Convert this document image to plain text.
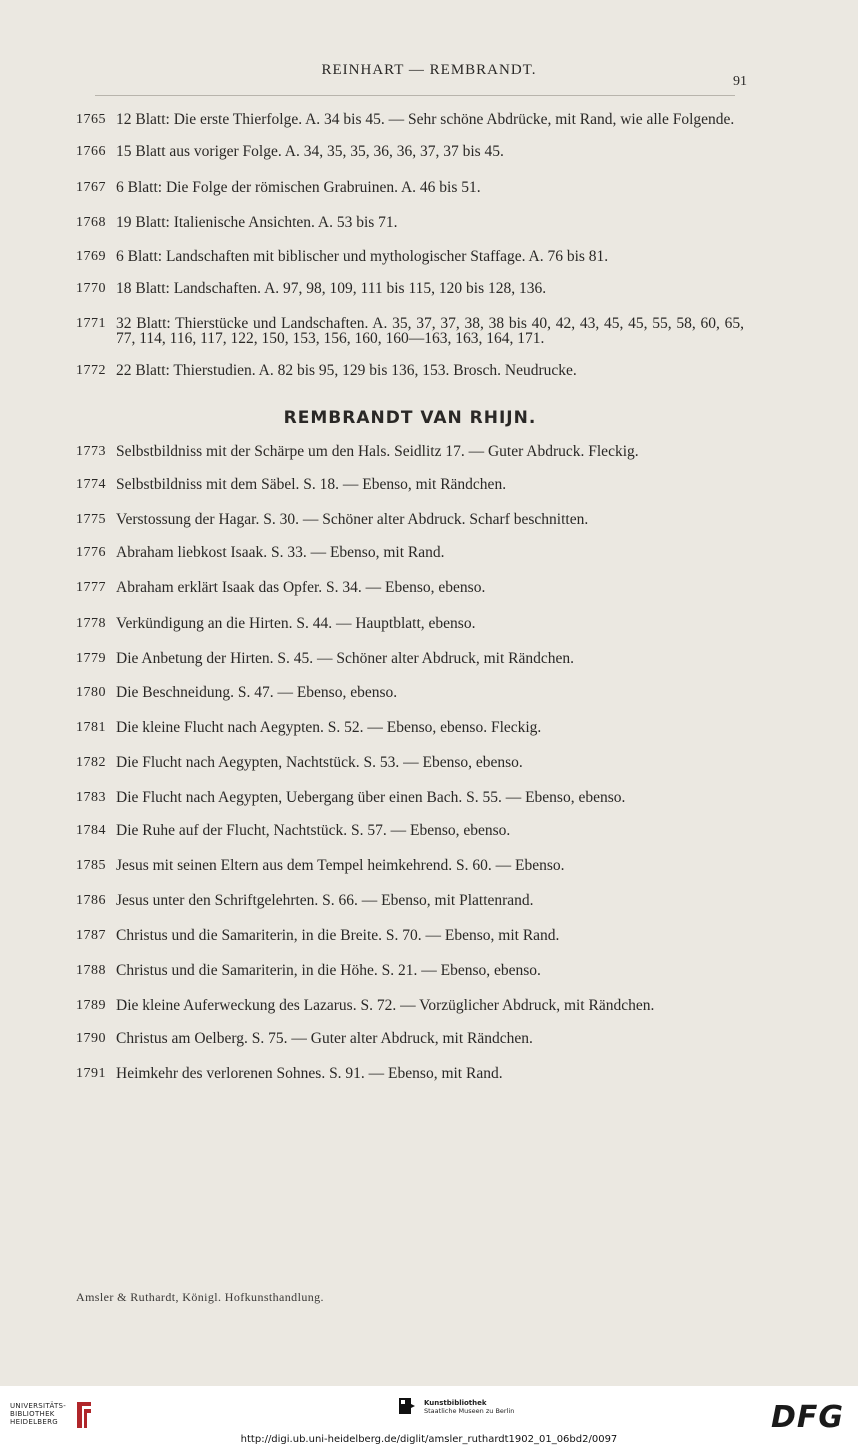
REINHART — REMBRANDT.
91
1765 12 Blatt: Die erste Thierfolge. A. 34 bis 45. — Sehr schöne Abdrücke, mit Rand, wie alle Folgende.
1766 15 Blatt aus voriger Folge. A. 34, 35, 35, 36, 36, 37, 37 bis 45.
1767 6 Blatt: Die Folge der römischen Grabruinen. A. 46 bis 51.
1768 19 Blatt: Italienische Ansichten. A. 53 bis 71.
1769 6 Blatt: Landschaften mit biblischer und mythologischer Staffage. A. 76 bis 81.
1770 18 Blatt: Landschaften. A. 97, 98, 109, 111 bis 115, 120 bis 128, 136.
1771 32 Blatt: Thierstücke und Landschaften. A. 35, 37, 37, 38, 38 bis 40, 42, 43, 45, 45, 55, 58, 60, 65, 77, 114, 116, 117, 122, 150, 153, 156, 160, 160—163, 163, 164, 171.
1772 22 Blatt: Thierstudien. A. 82 bis 95, 129 bis 136, 153. Brosch. Neudrucke.
REMBRANDT VAN RHIJN.
1773 Selbstbildniss mit der Schärpe um den Hals. Seidlitz 17. — Guter Abdruck. Fleckig.
1774 Selbstbildniss mit dem Säbel. S. 18. — Ebenso, mit Rändchen.
1775 Verstossung der Hagar. S. 30. — Schöner alter Abdruck. Scharf beschnitten.
1776 Abraham liebkost Isaak. S. 33. — Ebenso, mit Rand.
1777 Abraham erklärt Isaak das Opfer. S. 34. — Ebenso, ebenso.
1778 Verkündigung an die Hirten. S. 44. — Hauptblatt, ebenso.
1779 Die Anbetung der Hirten. S. 45. — Schöner alter Abdruck, mit Rändchen.
1780 Die Beschneidung. S. 47. — Ebenso, ebenso.
1781 Die kleine Flucht nach Aegypten. S. 52. — Ebenso, ebenso. Fleckig.
1782 Die Flucht nach Aegypten, Nachtstück. S. 53. — Ebenso, ebenso.
1783 Die Flucht nach Aegypten, Uebergang über einen Bach. S. 55. — Ebenso, ebenso.
1784 Die Ruhe auf der Flucht, Nachtstück. S. 57. — Ebenso, ebenso.
1785 Jesus mit seinen Eltern aus dem Tempel heimkehrend. S. 60. — Ebenso.
1786 Jesus unter den Schriftgelehrten. S. 66. — Ebenso, mit Plattenrand.
1787 Christus und die Samariterin, in die Breite. S. 70. — Ebenso, mit Rand.
1788 Christus und die Samariterin, in die Höhe. S. 21. — Ebenso, ebenso.
1789 Die kleine Auferweckung des Lazarus. S. 72. — Vorzüglicher Abdruck, mit Rändchen.
1790 Christus am Oelberg. S. 75. — Guter alter Abdruck, mit Rändchen.
1791 Heimkehr des verlorenen Sohnes. S. 91. — Ebenso, mit Rand.
Amsler & Ruthardt, Königl. Hofkunsthandlung.
UNIVERSITÄTS-
BIBLIOTHEK
HEIDELBERG
Kunstbibliothek
Staatliche Museen zu Berlin	DFG
http://digi.ub.uni-heidelberg.de/diglit/amsler_ruthardt1902_01_06bd2/0097
